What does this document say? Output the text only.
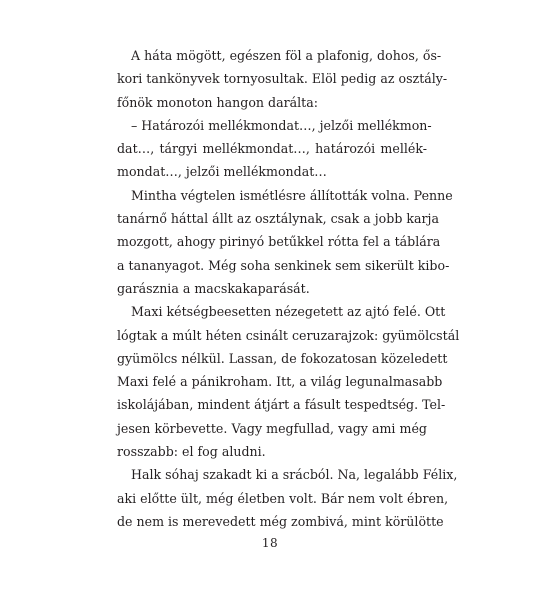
A háta mögött, egészen föl a plafonig, dohos, ős-
kori tankönyvek tornyosultak. Elöl pedig az osztály-
főnök monoton hangon darálta:
– Határozói mellékmondat…, jelzői mellékmon-
dat…, tárgyi mellékmondat…, határozói mellék-
mondat…, jelzői mellékmondat…
Mintha végtelen ismétlésre állították volna. Penne
tanárnő háttal állt az osztálynak, csak a jobb karja
mozgott, ahogy pirinyó betűkkel rótta fel a táblára
a tananyagot. Még soha senkinek sem sikerült kibo-
garásznia a macskakaparását.
Maxi kétségbeesetten nézegetett az ajtó felé. Ott
lógtak a múlt héten csinált ceruzarajzok: gyümölcstál
gyümölcs nélkül. Lassan, de fokozatosan közeledett
Maxi felé a pánikroham. Itt, a világ legunalmasabb
iskolájában, mindent átjárt a fásult tespedtség. Tel-
jesen körbevette. Vagy megfullad, vagy ami még
rosszabb: el fog aludni.
Halk sóhaj szakadt ki a srácból. Na, legalább Félix,
aki előtte ült, még életben volt. Bár nem volt ébren,
de nem is merevedett még zombivá, mint körülötte
18
